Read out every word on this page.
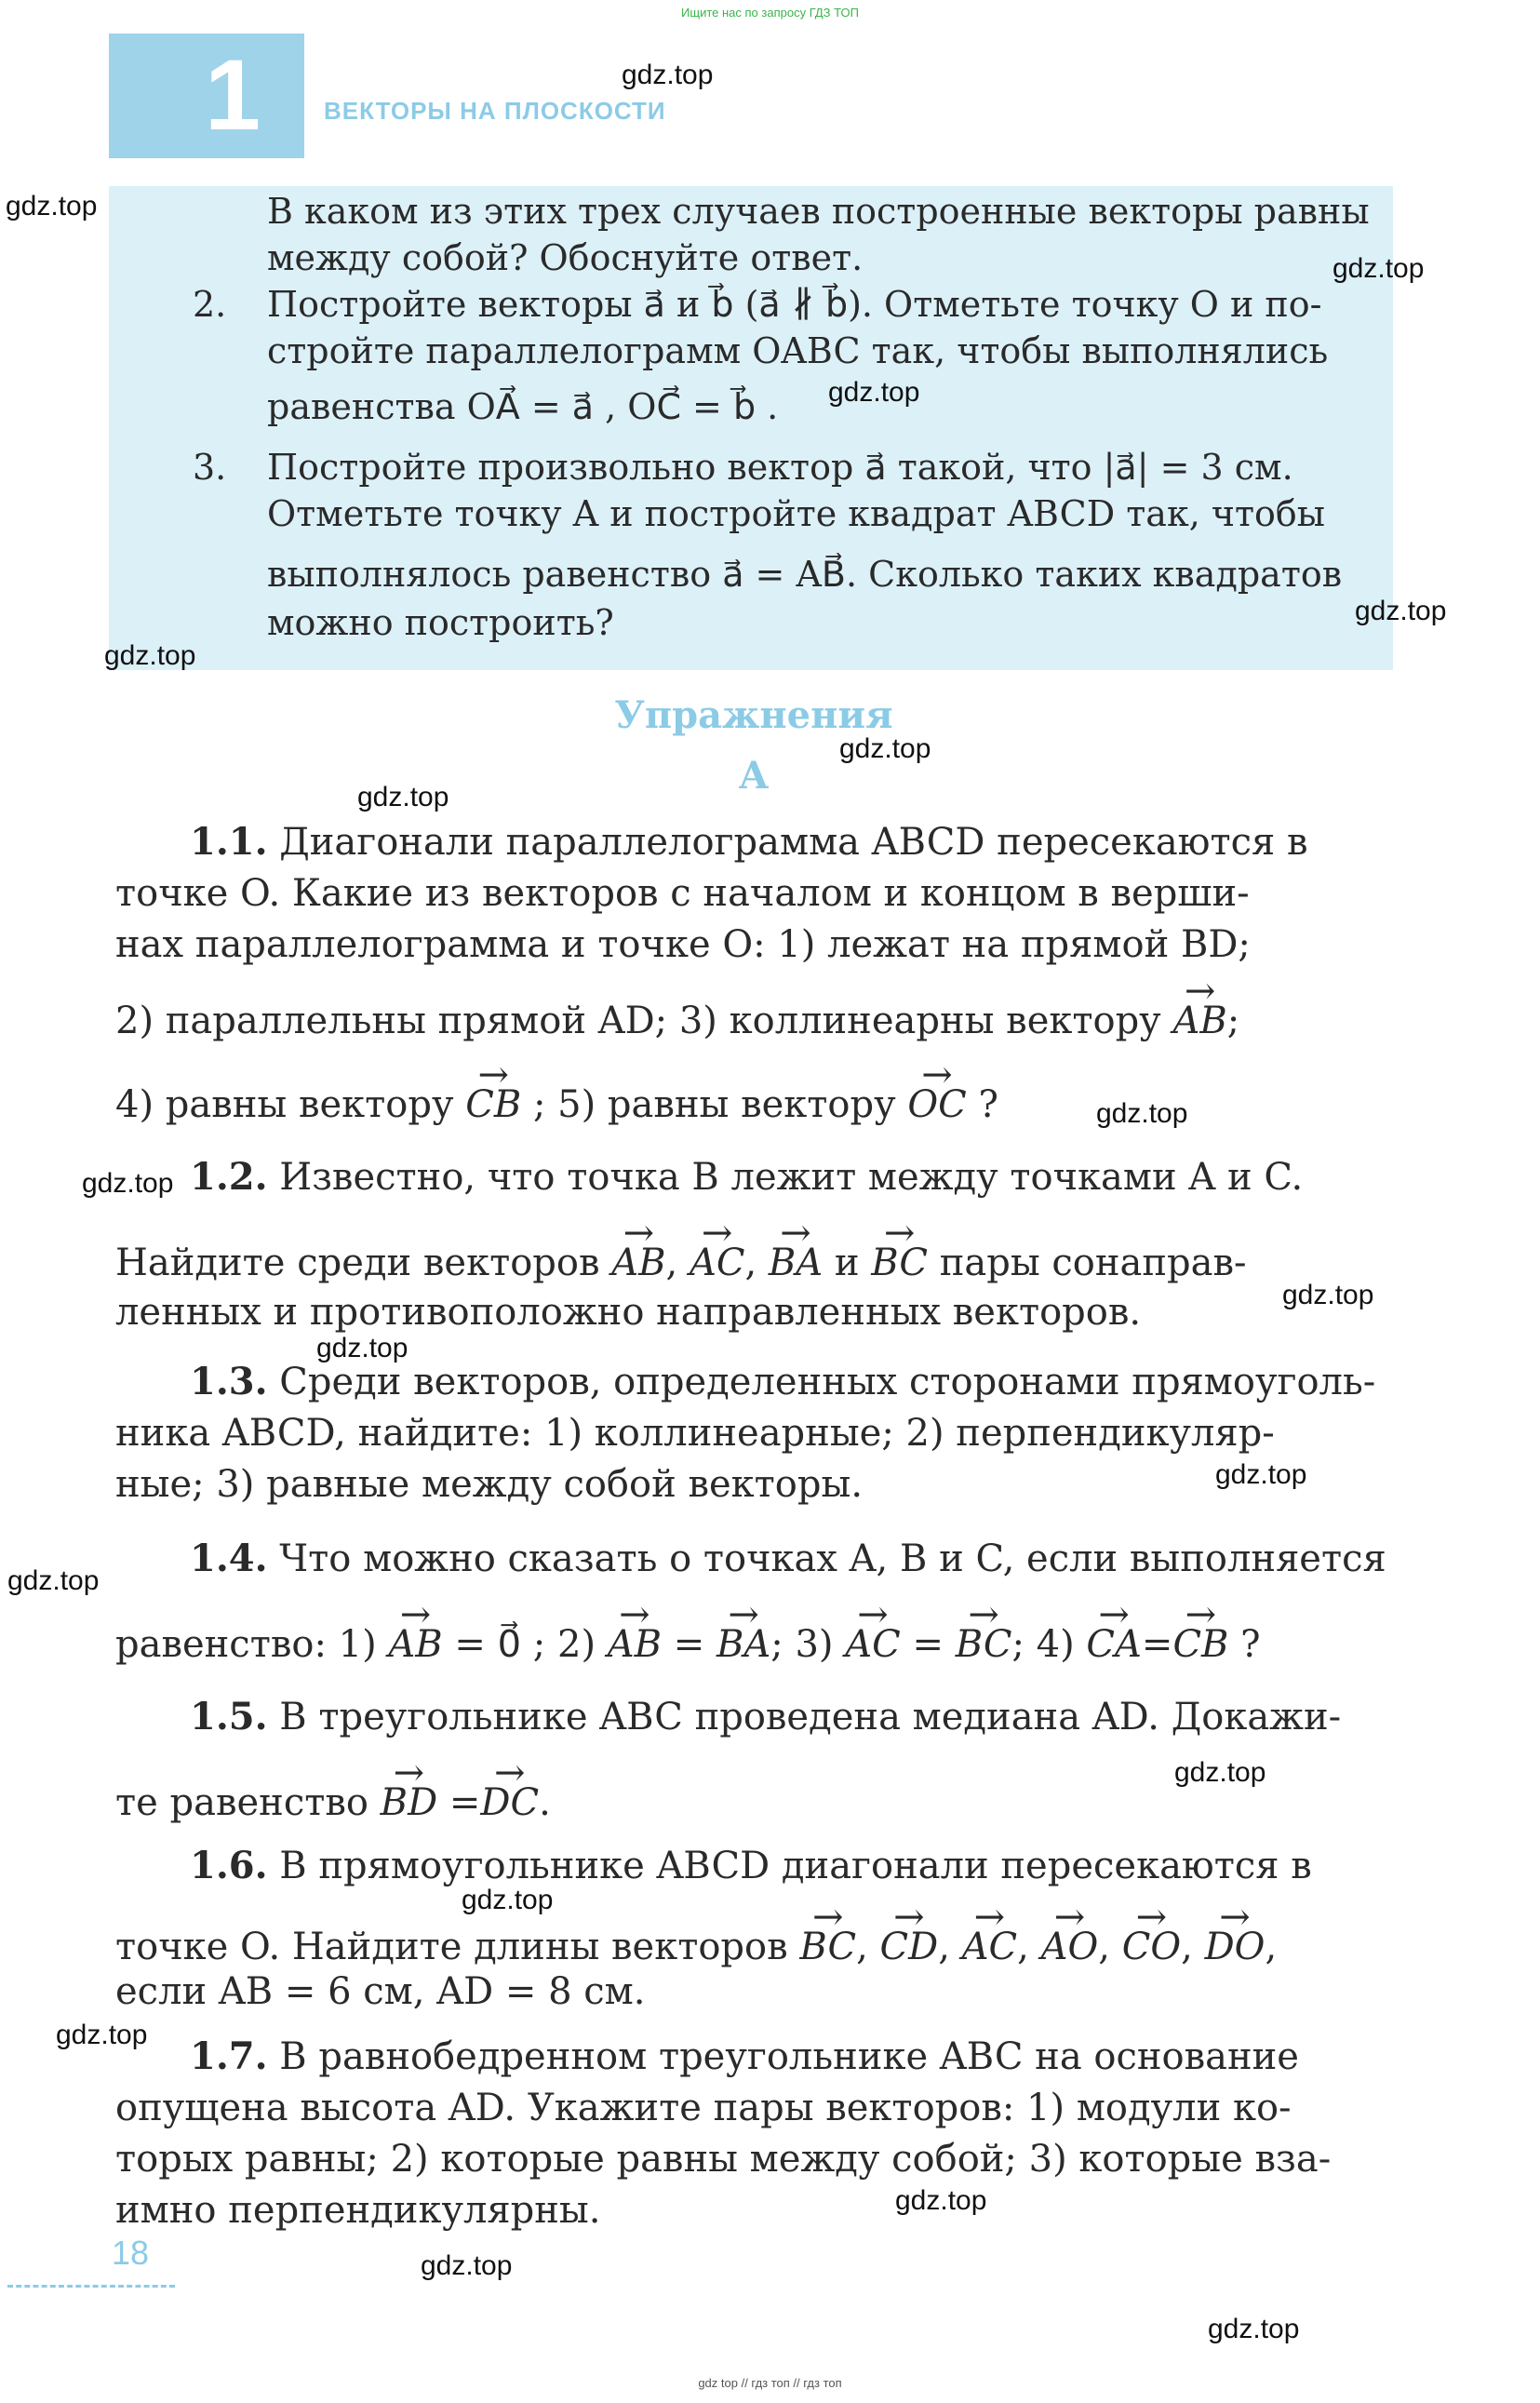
Ищите нас по запросу ГДЗ ТОП
1	ВЕКТОРЫ НА ПЛОСКОСТИ
В каком из этих трех случаев построенные векторы равны
между собой? Обоснуйте ответ.
2. Постройте векторы a⃗ и b⃗ (a⃗ ∦ b⃗). Отметьте точку O и по-
стройте параллелограмм OABC так, чтобы выполнялись
равенства OA⃗ = a⃗ , OC⃗ = b⃗ .
3. Постройте произвольно вектор a⃗ такой, что |a⃗| = 3 см.
Отметьте точку A и постройте квадрат ABCD так, чтобы
выполнялось равенство a⃗ = AB⃗. Сколько таких квадратов
можно построить?
Упражнения
А
1.1. Диагонали параллелограмма ABCD пересекаются в
точке O. Какие из векторов с началом и концом в верши-
нах параллелограмма и точке O: 1) лежат на прямой BD;
2) параллельны прямой AD; 3) коллинеарны вектору → AB;
4) равны вектору → CB ; 5) равны вектору → OC ?
1.2. Известно, что точка B лежит между точками A и C.
Найдите среди векторов → AB, → AC, → BA и → BC пары сонаправ-
ленных и противоположно направленных векторов.
1.3. Среди векторов, определенных сторонами прямоуголь-
ника ABCD, найдите: 1) коллинеарные; 2) перпендикуляр-
ные; 3) равные между собой векторы.
1.4. Что можно сказать о точках A, B и C, если выполняется
равенство: 1) → AB = 0⃗ ; 2) → AB = → BA; 3) → AC = → BC; 4) → CA=→ CB ?
1.5. В треугольнике ABC проведена медиана AD. Докажи-
те равенство → BD =→ DC.
1.6. В прямоугольнике ABCD диагонали пересекаются в
точке O. Найдите длины векторов → BC, → CD, → AC, → AO, → CO, → DO,
если AB = 6 см, AD = 8 см.
1.7. В равнобедренном треугольнике ABC на основание
опущена высота AD. Укажите пары векторов: 1) модули ко-
торых равны; 2) которые равны между собой; 3) которые вза-
имно перпендикулярны.
18
gdz.top
gdz.top
gdz.top
gdz.top
gdz.top
gdz.top
gdz.top
gdz.top
gdz.top
gdz.top
gdz.top
gdz.top
gdz.top
gdz.top
gdz.top
gdz.top
gdz.top
gdz.top
gdz.top
gdz.top
gdz top // гдз топ // гдз топ
